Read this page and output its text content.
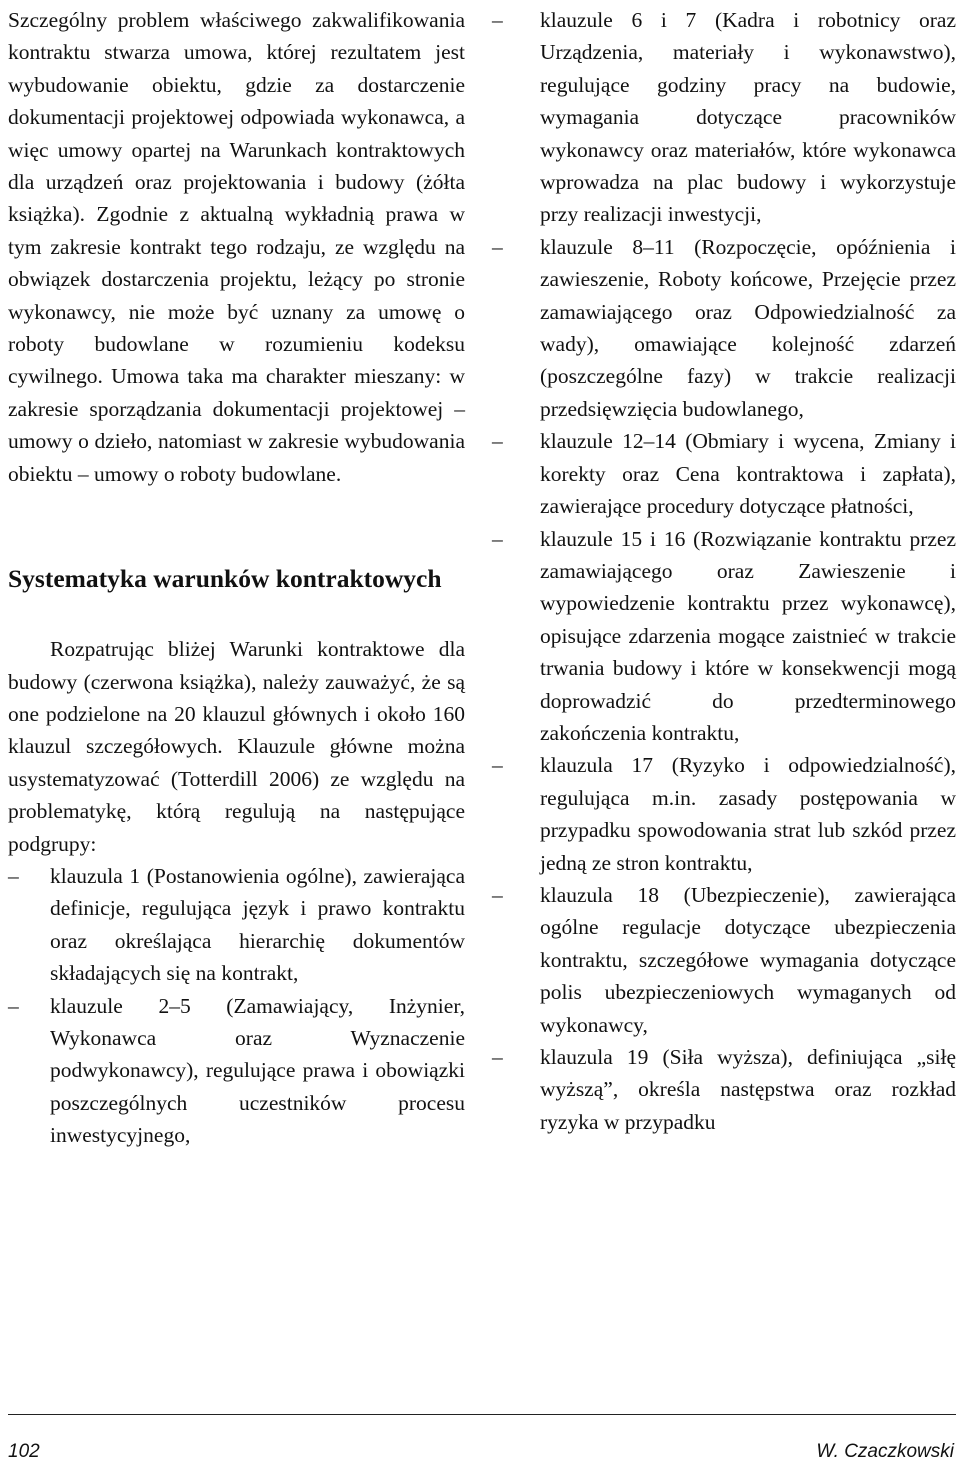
Szczególny problem właściwego zakwalifikowania kontraktu stwarza umowa, której rezultatem jest wybudowanie obiektu, gdzie za dostarczenie dokumentacji projektowej odpowiada wykonawca, a więc umowy opartej na Warunkach kontraktowych dla urządzeń oraz projektowania i budowy (żółta książka). Zgodnie z aktualną wykładnią prawa w tym zakresie kontrakt tego rodzaju, ze względu na obwiązek dostarczenia projektu, leżący po stronie wykonawcy, nie może być uznany za umowę o roboty budowlane w rozumieniu kodeksu cywilnego. Umowa taka ma charakter mieszany: w zakresie sporządzania dokumentacji projektowej – umowy o dzieło, natomiast w zakresie wybudowania obiektu – umowy o roboty budowlane.

Systematyka warunków kontraktowych

Rozpatrując bliżej Warunki kontraktowe dla budowy (czerwona książka), należy zauważyć, że są one podzielone na 20 klauzul głównych i około 160 klauzul szczegółowych. Klauzule główne można usystematyzować (Totterdill 2006) ze względu na problematykę, którą regulują na następujące podgrupy:

– klauzula 1 (Postanowienia ogólne), zawierająca definicje, regulująca język i prawo kontraktu oraz określająca hierarchię dokumentów składających się na kontrakt,
– klauzule 2–5 (Zamawiający, Inżynier, Wykonawca oraz Wyznaczenie podwykonawcy), regulujące prawa i obowiązki poszczególnych uczestników procesu inwestycyjnego,
– klauzule 6 i 7 (Kadra i robotnicy oraz Urządzenia, materiały i wykonawstwo), regulujące godziny pracy na budowie, wymagania dotyczące pracowników wykonawcy oraz materiałów, które wykonawca wprowadza na plac budowy i wykorzystuje przy realizacji inwestycji,
– klauzule 8–11 (Rozpoczęcie, opóźnienia i zawieszenie, Roboty końcowe, Przejęcie przez zamawiającego oraz Odpowiedzialność za wady), omawiające kolejność zdarzeń (poszczególne fazy) w trakcie realizacji przedsięwzięcia budowlanego,
– klauzule 12–14 (Obmiary i wycena, Zmiany i korekty oraz Cena kontraktowa i zapłata), zawierające procedury dotyczące płatności,
– klauzule 15 i 16 (Rozwiązanie kontraktu przez zamawiającego oraz Zawieszenie i wypowiedzenie kontraktu przez wykonawcę), opisujące zdarzenia mogące zaistnieć w trakcie trwania budowy i które w konsekwencji mogą doprowadzić do przedterminowego zakończenia kontraktu,
– klauzula 17 (Ryzyko i odpowiedzialność), regulująca m.in. zasady postępowania w przypadku spowodowania strat lub szkód przez jedną ze stron kontraktu,
– klauzula 18 (Ubezpieczenie), zawierająca ogólne regulacje dotyczące ubezpieczenia kontraktu, szczegółowe wymagania dotyczące polis ubezpieczeniowych wymaganych od wykonawcy,
– klauzula 19 (Siła wyższa), definiująca „siłę wyższą”, określa następstwa oraz rozkład ryzyka w przypadku
102	W. Czaczkowski
